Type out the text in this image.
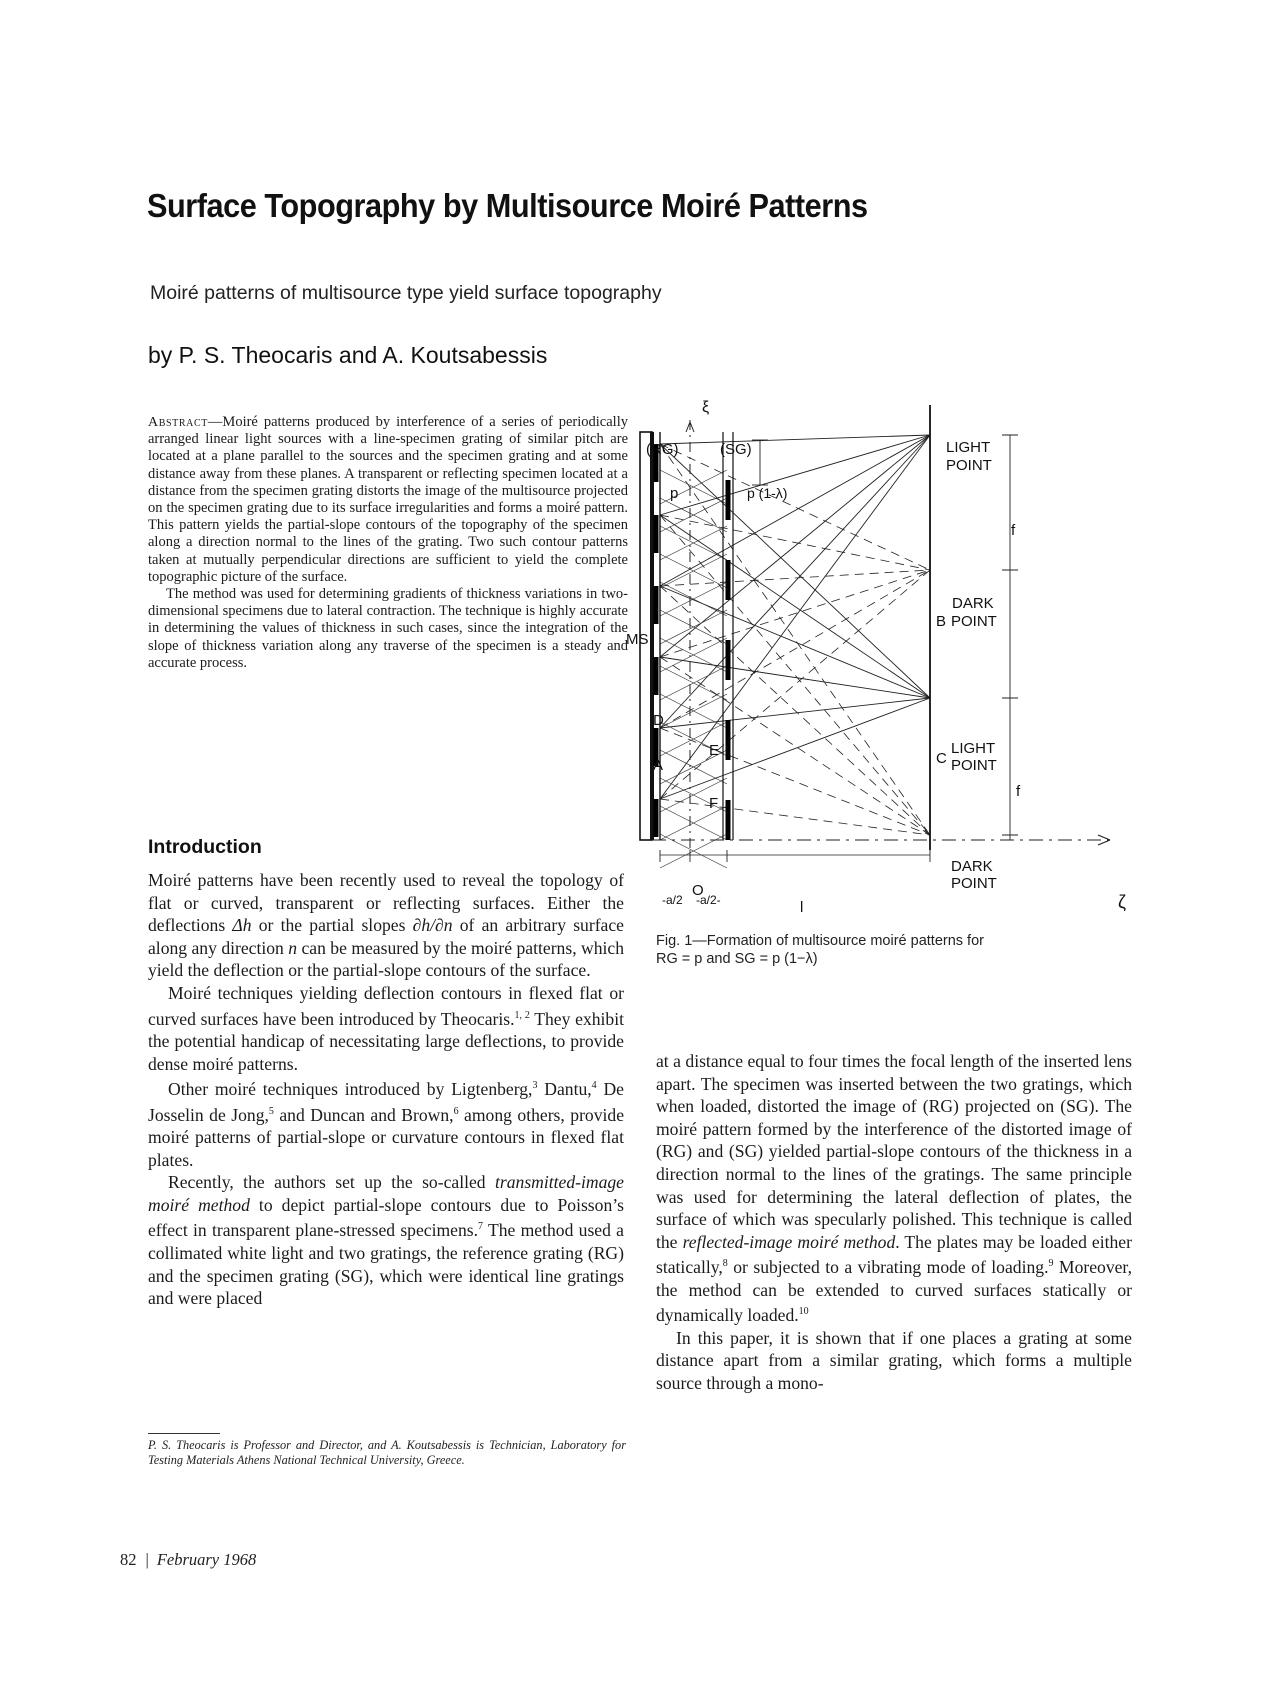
Surface Topography by Multisource Moiré Patterns

Moiré patterns of multisource type yield surface topography

by P. S. Theocaris and A. Koutsabessis

Abstract—Moiré patterns produced by interference of a series of periodically arranged linear light sources with a line-specimen grating of similar pitch are located at a plane parallel to the sources and the specimen grating and at some distance away from these planes. A transparent or reflecting specimen located at a distance from the specimen grating distorts the image of the multisource projected on the specimen grating due to its surface irregularities and forms a moiré pattern. This pattern yields the partial-slope contours of the topography of the specimen along a direction normal to the lines of the grating. Two such contour patterns taken at mutually perpendicular directions are sufficient to yield the complete topographic picture of the surface.

The method was used for determining gradients of thickness variations in two-dimensional specimens due to lateral contraction. The technique is highly accurate in determining the values of thickness in such cases, since the integration of the slope of thickness variation along any traverse of the specimen is a steady and accurate process.

Introduction

Moiré patterns have been recently used to reveal the topology of flat or curved, transparent or reflecting surfaces. Either the deflections Δh or the partial slopes ∂h/∂n of an arbitrary surface along any direction n can be measured by the moiré patterns, which yield the deflection or the partial-slope contours of the surface.

Moiré techniques yielding deflection contours in flexed flat or curved surfaces have been introduced by Theocaris.$^{1, 2}$ They exhibit the potential handicap of necessitating large deflections, to provide dense moiré patterns.

Other moiré techniques introduced by Ligtenberg,$^3$ Dantu,$^4$ De Josselin de Jong,$^5$ and Duncan and Brown,$^6$ among others, provide moiré patterns of partial-slope or curvature contours in flexed flat plates.

Recently, the authors set up the so-called transmitted-image moiré method to depict partial-slope contours due to Poisson’s effect in transparent plane-stressed specimens.$^7$ The method used a collimated white light and two gratings, the reference grating (RG) and the specimen grating (SG), which were identical line gratings and were placed

at a distance equal to four times the focal length of the inserted lens apart. The specimen was inserted between the two gratings, which when loaded, distorted the image of (RG) projected on (SG). The moiré pattern formed by the interference of the distorted image of (RG) and (SG) yielded partial-slope contours of the thickness in a direction normal to the lines of the gratings. The same principle was used for determining the lateral deflection of plates, the surface of which was specularly polished. This technique is called the reflected-image moiré method. The plates may be loaded either statically,$^8$ or subjected to a vibrating mode of loading.$^9$ Moreover, the method can be extended to curved surfaces statically or dynamically loaded.$^{10}$

In this paper, it is shown that if one places a grating at some distance apart from a similar grating, which forms a multiple source through a mono-

(RG)	(SG)
ξ
ζ
MS
p	p (1-λ)
D
E
A
F
O
B
C
LIGHT
POINT
DARK
POINT
LIGHT
POINT
DARK
POINT
f
f
l
-a/2 -a/2-

Fig. 1—Formation of multisource moiré patterns for
RG = p and SG = p (1−λ)

P. S. Theocaris is Professor and Director, and A. Koutsabessis is Technician, Laboratory for Testing Materials Athens National Technical University, Greece.

82 | February 1968
